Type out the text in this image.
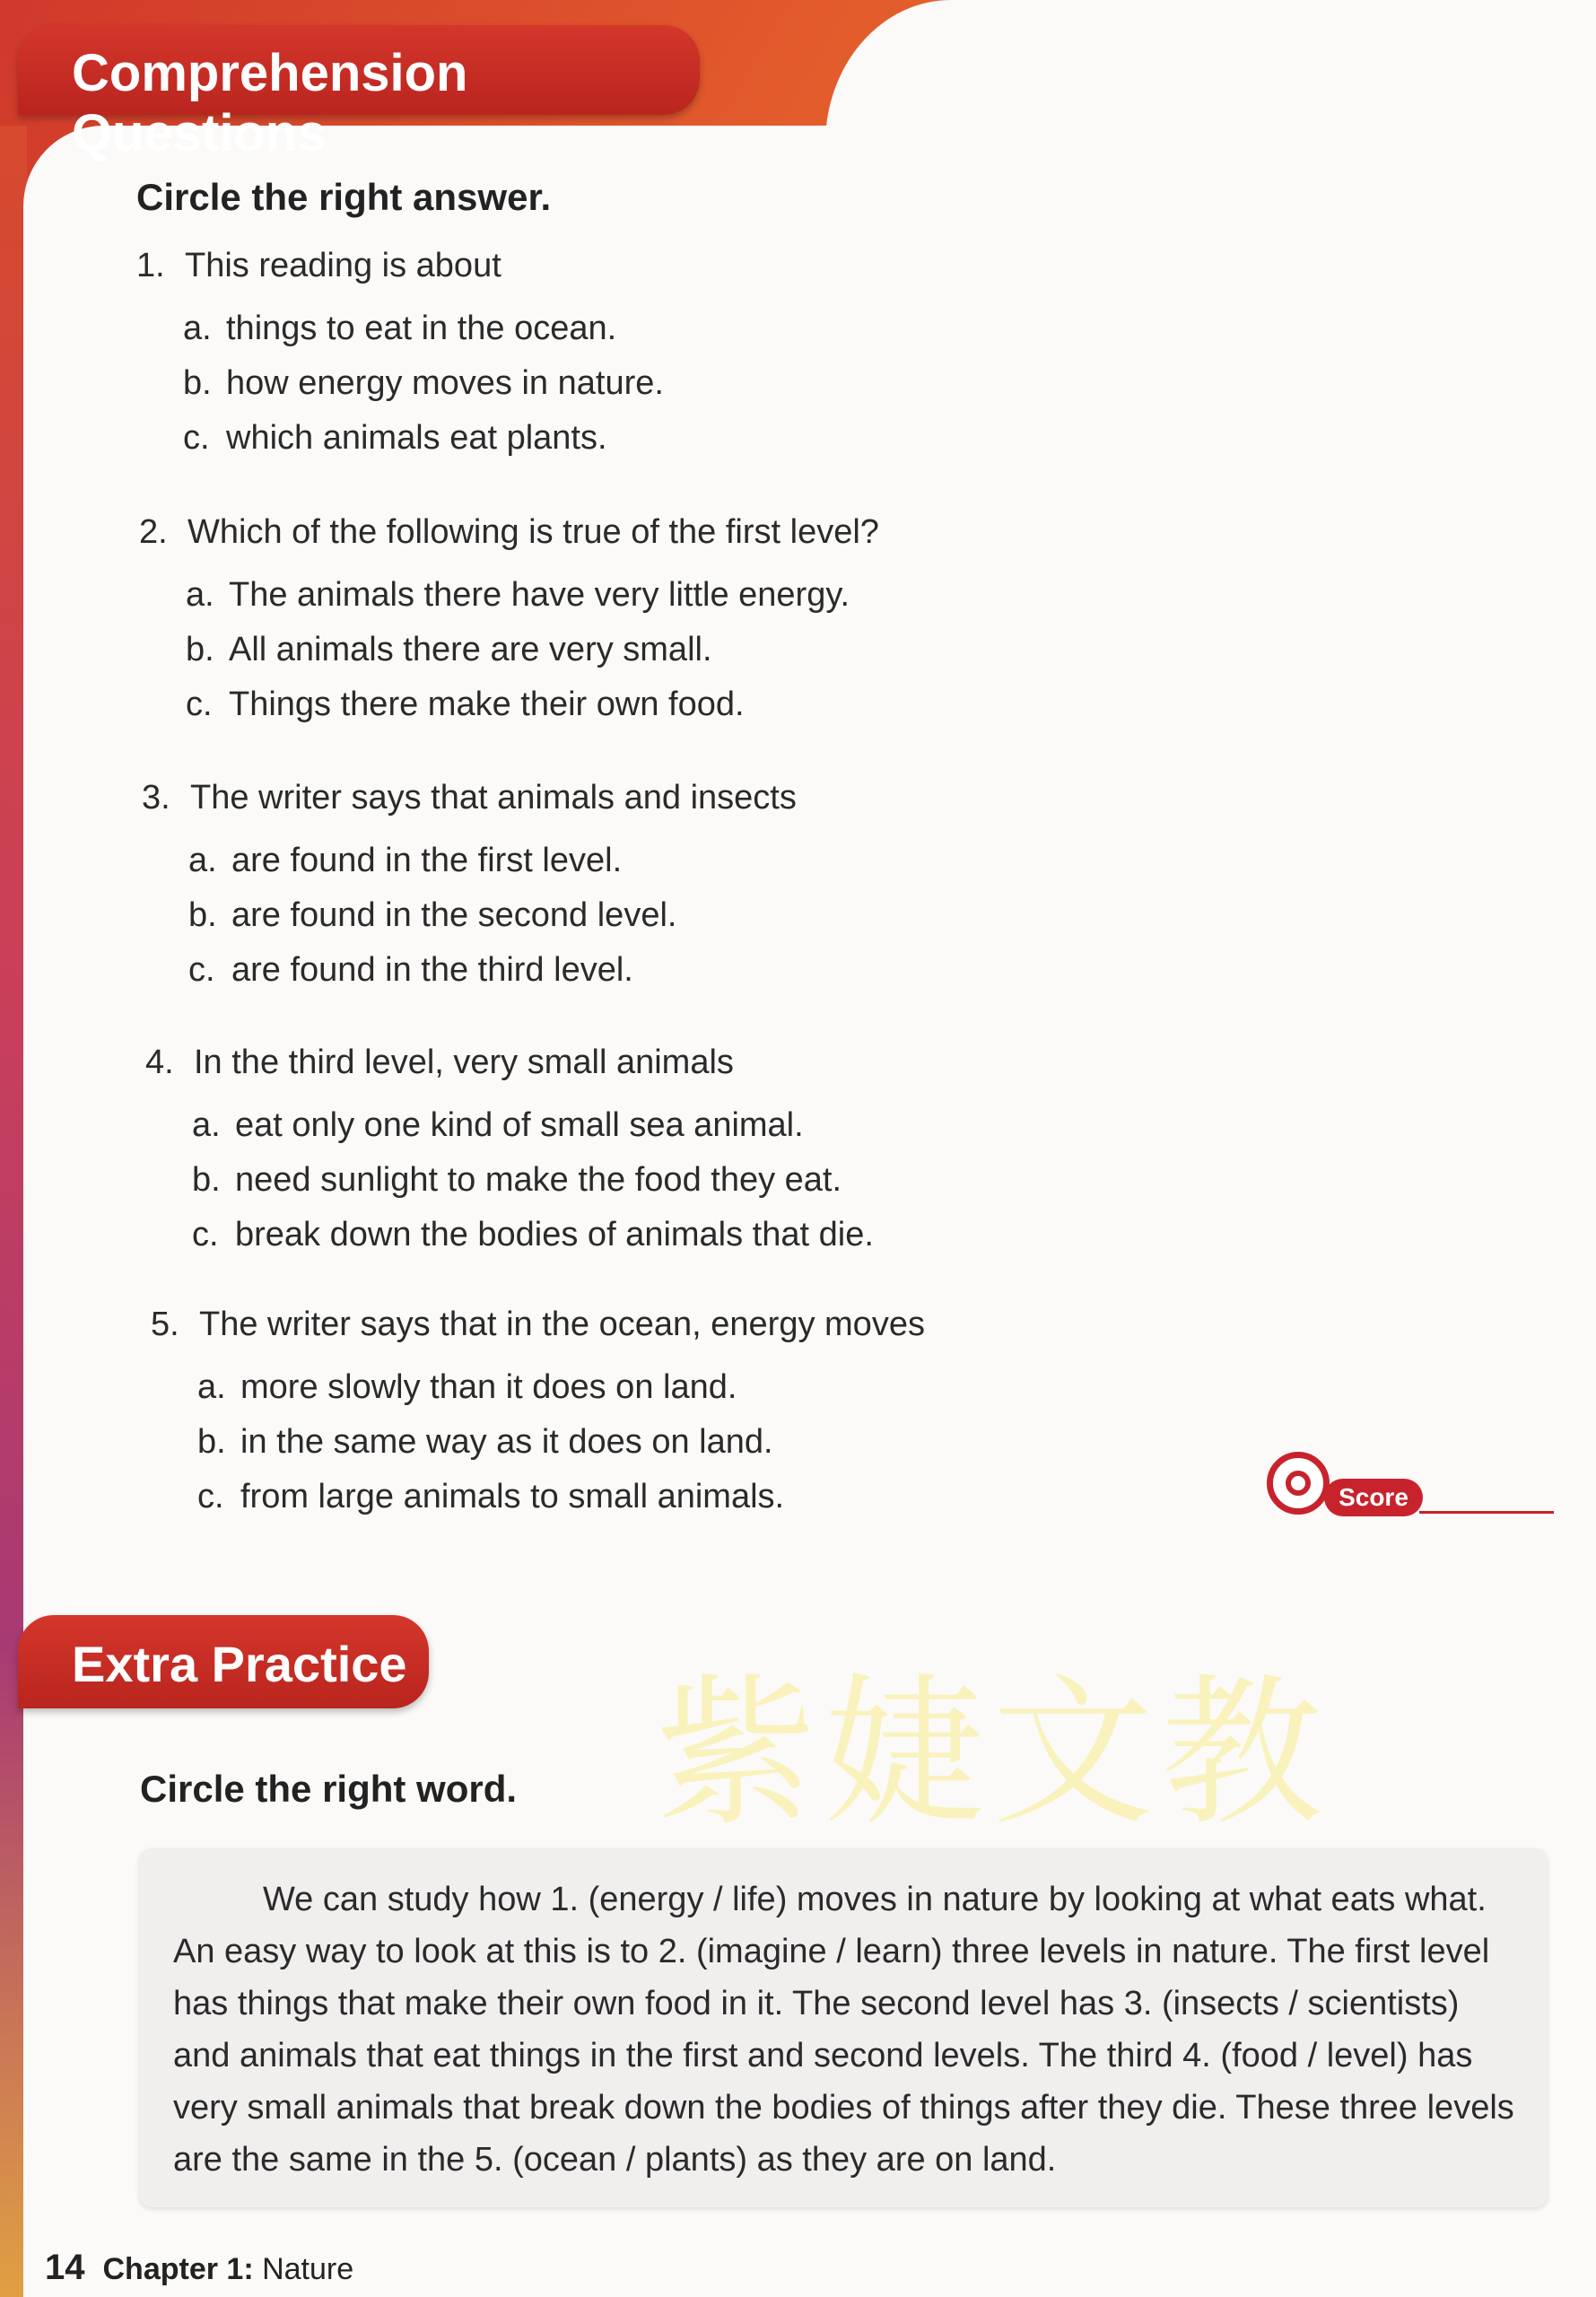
Comprehension Questions
Circle the right answer.
1. This reading is about
a. things to eat in the ocean.
b. how energy moves in nature.
c. which animals eat plants.
2. Which of the following is true of the first level?
a. The animals there have very little energy.
b. All animals there are very small.
c. Things there make their own food.
3. The writer says that animals and insects
a. are found in the first level.
b. are found in the second level.
c. are found in the third level.
4. In the third level, very small animals
a. eat only one kind of small sea animal.
b. need sunlight to make the food they eat.
c. break down the bodies of animals that die.
5. The writer says that in the ocean, energy moves
a. more slowly than it does on land.
b. in the same way as it does on land.
c. from large animals to small animals.	Score
Extra Practice 紫婕文教
Circle the right word.
We can study how 1. (energy / life) moves in nature by looking at what eats what. An easy way to look at this is to 2. (imagine / learn) three levels in nature. The first level has things that make their own food in it. The second level has 3. (insects / scientists) and animals that eat things in the first and second levels. The third 4. (food / level) has very small animals that break down the bodies of things after they die. These three levels are the same in the 5. (ocean / plants) as they are on land.
14 Chapter 1: Nature
